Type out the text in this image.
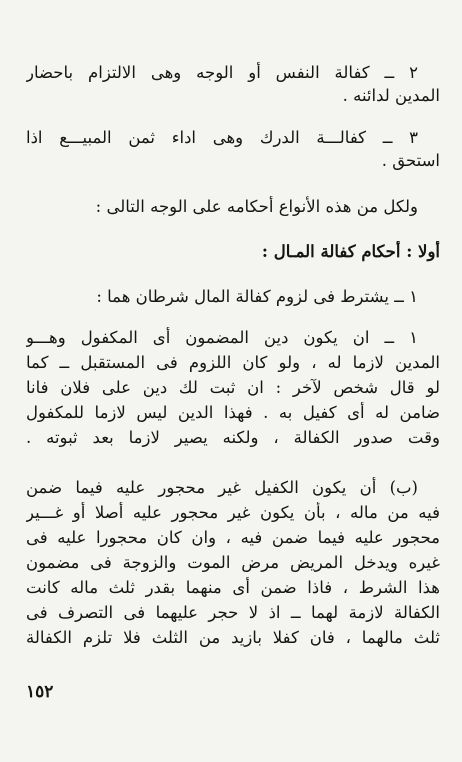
٢ ــ كفالة النفس أو الوجه وهى الالتزام باحضار
المدين لدائنه .
٣ ــ كفالـــة الدرك وهى اداء ثمن المبيـــع اذا
استحق .
ولكل من هذه الأنواع أحكامه على الوجه التالى :
أولا : أحكام كفالة المـال :
١ ــ يشترط فى لزوم كفالة المال شرطان هما :
١ ــ ان يكون دين المضمون أى المكفول وهـــو
المدين لازما له ، ولو كان اللزوم فى المستقبل ــ كما
لو قال شخص لآخر : ان ثبت لك دين على فلان فانا
ضامن له أى كفيل به . فهذا الدين ليس لازما للمكفول
وقت صدور الكفالة ، ولكنه يصير لازما بعد ثبوته .
(ب) أن يكون الكفيل غير محجور عليه فيما ضمن
فيه من ماله ، بأن يكون غير محجور عليه أصلا أو غـــير
محجور عليه فيما ضمن فيه ، وان كان محجورا عليه فى
غيره ويدخل المريض مرض الموت والزوجة فى مضمون
هذا الشرط ، فاذا ضمن أى منهما بقدر ثلث ماله كانت
الكفالة لازمة لهما ــ اذ لا حجر عليهما فى التصرف فى
ثلث مالهما ، فان كفلا بازيد من الثلث فلا تلزم الكفالة
١٥٢
